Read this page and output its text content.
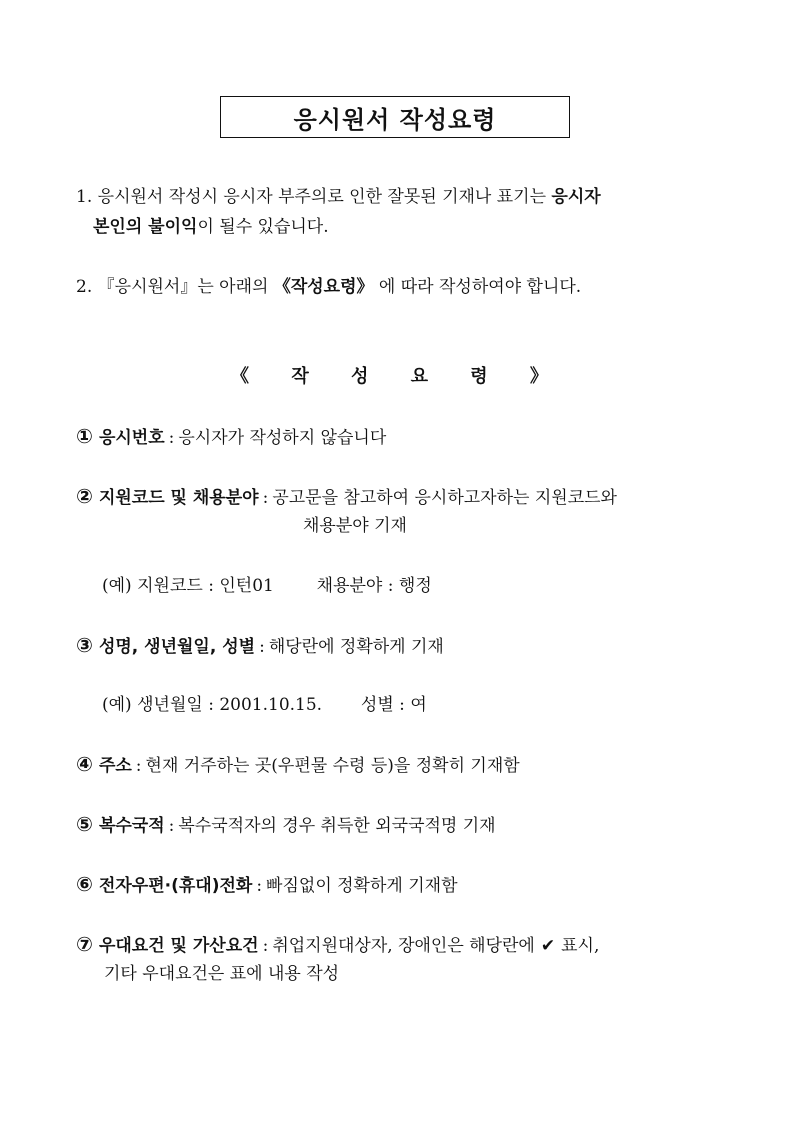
응시원서 작성요령
1. 응시원서 작성시 응시자 부주의로 인한 잘못된 기재나 표기는 응시자
본인의 불이익이 될수 있습니다.
2. 『응시원서』는 아래의 《작성요령》 에 따라 작성하여야 합니다.
《 작 성 요 령 》
① 응시번호 : 응시자가 작성하지 않습니다
② 지원코드 및 채용분야 : 공고문을 참고하여 응시하고자하는 지원코드와
채용분야 기재
(예) 지원코드 : 인턴01	채용분야 : 행정
③ 성명, 생년월일, 성별 : 해당란에 정확하게 기재
(예) 생년월일 : 2001.10.15. 성별 : 여
④ 주소 : 현재 거주하는 곳(우편물 수령 등)을 정확히 기재함
⑤ 복수국적 : 복수국적자의 경우 취득한 외국국적명 기재
⑥ 전자우편·(휴대)전화 : 빠짐없이 정확하게 기재함
⑦ 우대요건 및 가산요건 : 취업지원대상자, 장애인은 해당란에 ✔ 표시,
기타 우대요건은 표에 내용 작성
